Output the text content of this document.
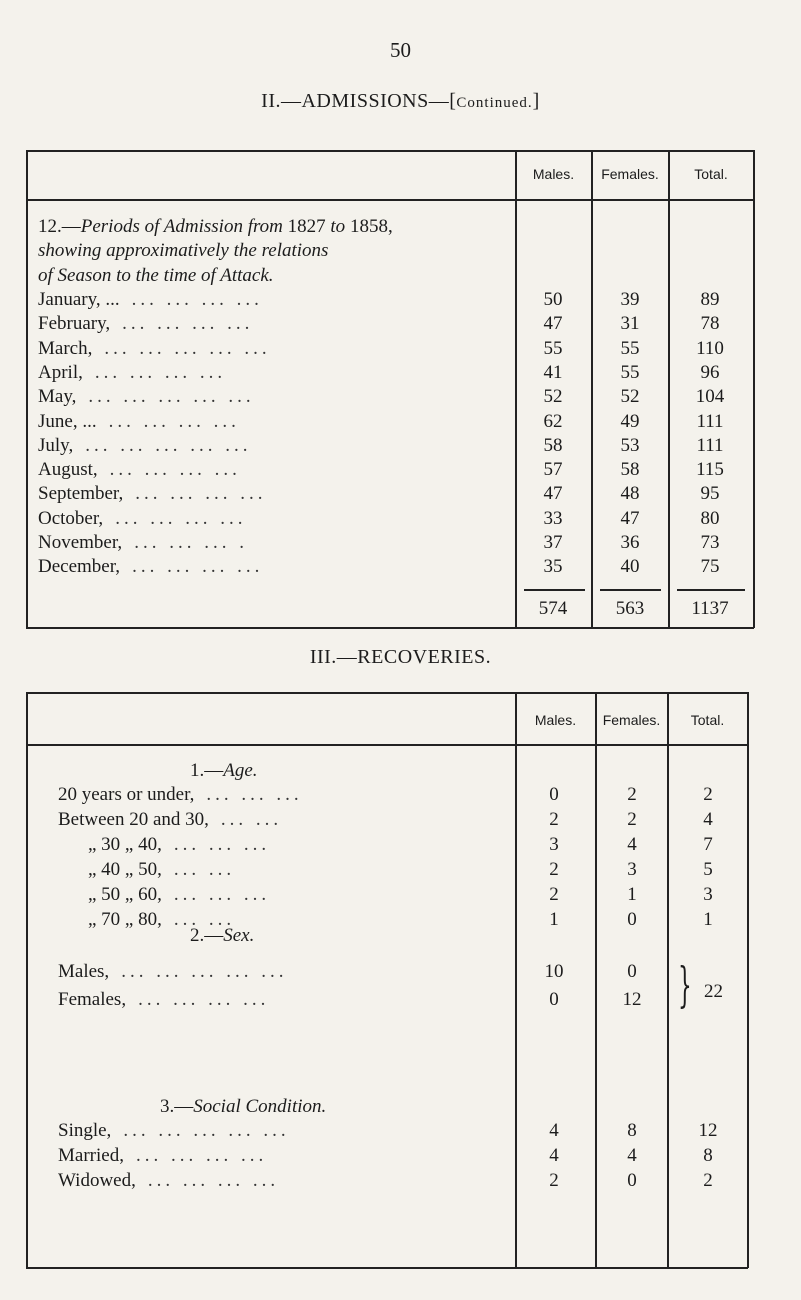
50
II.—ADMISSIONS—[Continued.]
Males.	Females.	Total.
12.—Periods of Admission from 1827 to 1858,
showing approximatively the relations
of Season to the time of Attack.
January, ... ... ... ... ...	50	39	89
February, ... ... ... ...	47	31	78
March, ... ... ... ... ...	55	55	110
April, ... ... ... ...	41	55	96
May, ... ... ... ... ...	52	52	104
June, ... ... ... ... ...	62	49	111
July, ... ... ... ... ...	58	53	111
August, ... ... ... ...	57	58	115
September, ... ... ... ...	47	48	95
October, ... ... ... ...	33	47	80
November, ... ... ... .	37	36	73
December, ... ... ... ...	35	40	75
574	563	1137
III.—RECOVERIES.
Males.	Females.	Total.
1.—Age.
20 years or under, ... ... ...	0	2	2
Between 20 and 30, ... ...	2	2	4
„ 30 „ 40, ... ... ...	3	4	7
„ 40 „ 50, ... ...	2	3	5
„ 50 „ 60, ... ... ...	2	1	3
„ 70 „ 80, ... ...	1	0	1
2.—Sex.
Males, ... ... ... ... ...	10	0
Females, ... ... ... ...	0	12 } 22
3.—Social Condition.
Single, ... ... ... ... ...	4	8	12
Married, ... ... ... ...	4	4	8
Widowed, ... ... ... ...	2	0	2
